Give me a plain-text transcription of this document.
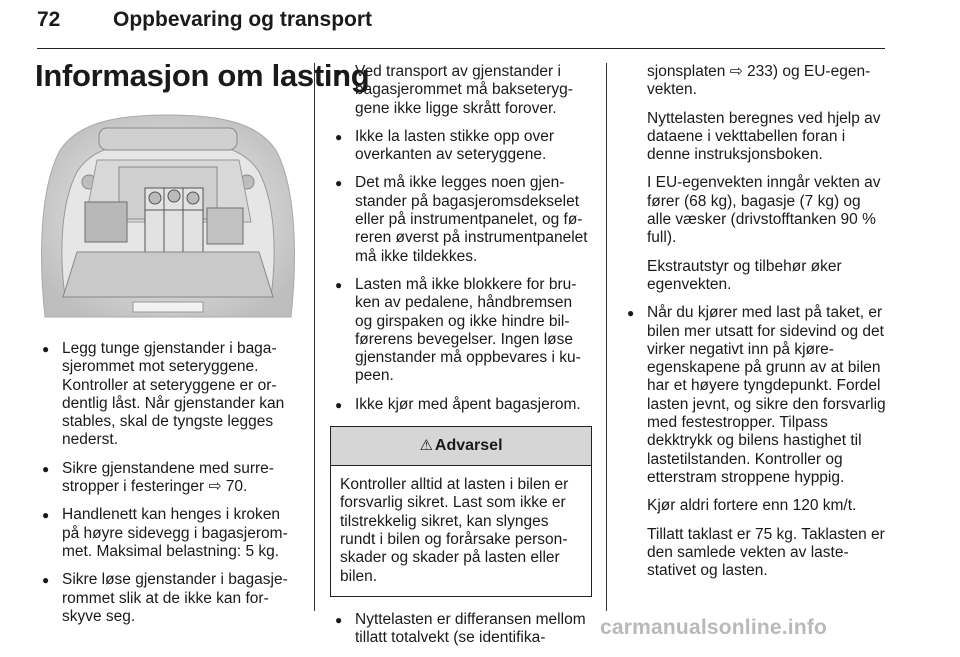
72	Oppbevaring og transport
Informasjon om lasting
● Legg tunge gjenstander i bagasjerommet mot seteryggene. Kontroller at seteryggene er ordentlig låst. Når gjenstander kan stables, skal de tyngste legges nederst.
● Sikre gjenstandene med surrestropper i festeringer ⇨ 70.
● Handlenett kan henges i kroken på høyre sidevegg i bagasjerommet. Maksimal belastning: 5 kg.
● Sikre løse gjenstander i bagasjerommet slik at de ikke kan forskyve seg.
● Ved transport av gjenstander i bagasjerommet må bakseteryggene ikke ligge skrått forover.
● Ikke la lasten stikke opp over overkanten av seteryggene.
● Det må ikke legges noen gjenstander på bagasjeromsdekselet eller på instrumentpanelet, og føreren øverst på instrumentpanelet må ikke tildekkes.
● Lasten må ikke blokkere for bruken av pedalene, håndbremsen og girspaken og ikke hindre bilførerens bevegelser. Ingen løse gjenstander må oppbevares i kupeen.
● Ikke kjør med åpent bagasjerom.
⚠ Advarsel
Kontroller alltid at lasten i bilen er forsvarlig sikret. Last som ikke er tilstrekkelig sikret, kan slynges rundt i bilen og forårsake personskader og skader på lasten eller bilen.
● Nyttelasten er differansen mellom tillatt totalvekt (se identifika-
sjonsplaten ⇨ 233) og EU-egenvekten.
Nyttelasten beregnes ved hjelp av dataene i vekttabellen foran i denne instruksjonsboken.
I EU-egenvekten inngår vekten av fører (68 kg), bagasje (7 kg) og alle væsker (drivstofftanken 90 % full).
Ekstrautstyr og tilbehør øker egenvekten.
● Når du kjører med last på taket, er bilen mer utsatt for sidevind og det virker negativt inn på kjøreegenskapene på grunn av at bilen har et høyere tyngdepunkt. Fordel lasten jevnt, og sikre den forsvarlig med festestropper. Tilpass dekktrykk og bilens hastighet til lastetilstanden. Kontroller og etterstram stroppene hyppig.
Kjør aldri fortere enn 120 km/t.
Tillatt taklast er 75 kg. Taklasten er den samlede vekten av lastestativet og lasten.
carmanualsonline.info
